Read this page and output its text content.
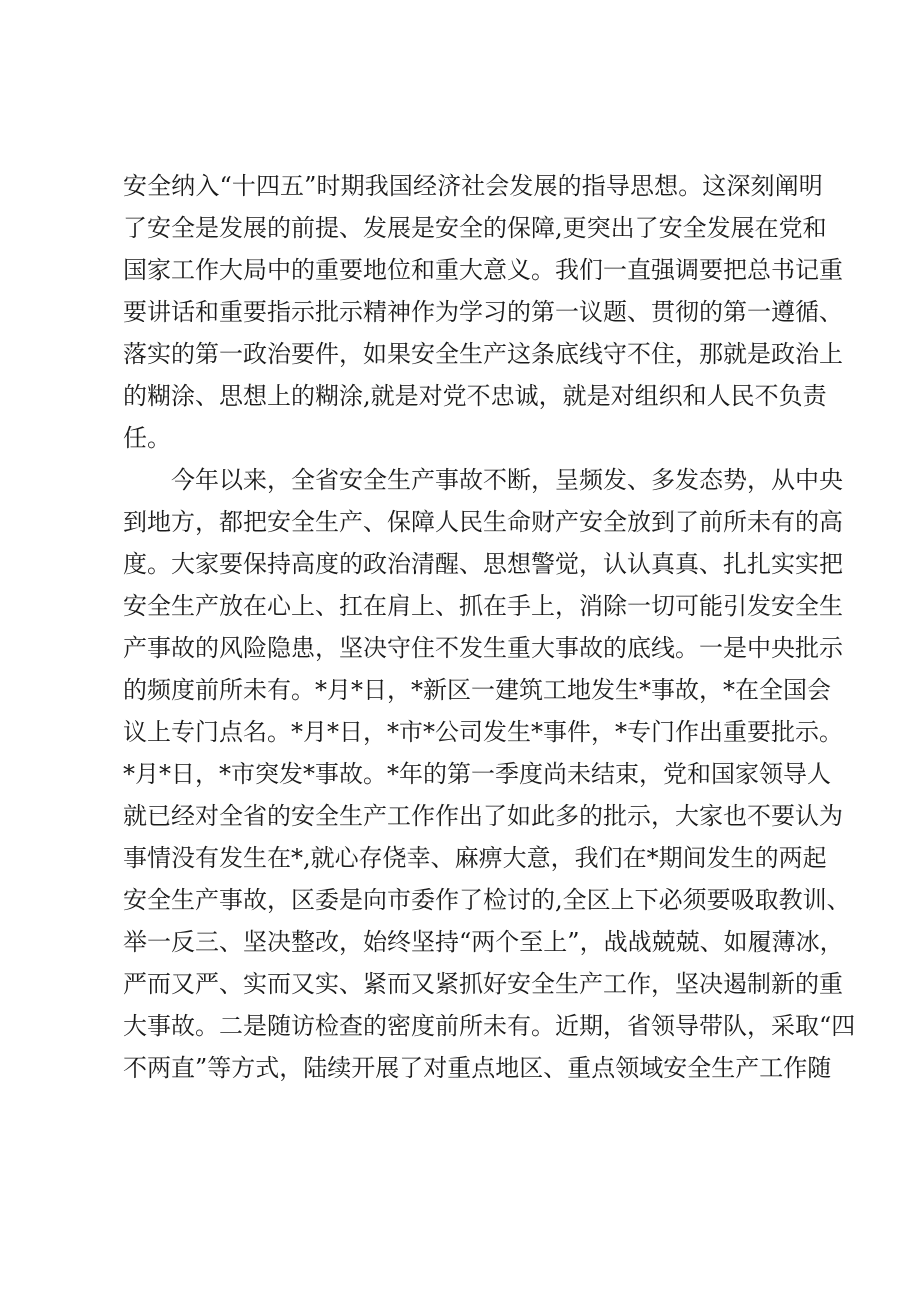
安 全 纳 入 “ 十 四 五 ” 时 期 我 国 经 济 社 会 发 展 的 指 导 思 想 。 这 深 刻 阐 明
了 安 全 是 发 展 的 前 提 、 发 展 是 安 全 的 保 障 , 更 突 出 了 安 全 发 展 在 党 和
国 家 工 作 大 局 中 的 重 要 地 位 和 重 大 意 义 。 我 们 一 直 强 调 要 把 总 书 记 重
要 讲 话 和 重 要 指 示 批 示 精 神 作 为 学 习 的 第 一 议 题 、 贯 彻 的 第 一 遵 循 、
落 实 的 第 一 政 治 要 件 ， 如 果 安 全 生 产 这 条 底 线 守 不 住 ， 那 就 是 政 治 上
的 糊 涂 、 思 想 上 的 糊 涂 , 就 是 对 党 不 忠 诚 ， 就 是 对 组 织 和 人 民 不 负 责
任。
今 年 以 来 ， 全 省 安 全 生 产 事 故 不 断 ， 呈 频 发 、 多 发 态 势 ， 从 中 央
到 地 方 ， 都 把 安 全 生 产 、 保 障 人 民 生 命 财 产 安 全 放 到 了 前 所 未 有 的 高
度 。 大 家 要 保 持 高 度 的 政 治 清 醒 、 思 想 警 觉 ， 认 认 真 真 、 扎 扎 实 实 把
安 全 生 产 放 在 心 上 、 扛 在 肩 上 、 抓 在 手 上 ， 消 除 一 切 可 能 引 发 安 全 生
产 事 故 的 风 险 隐 患 ， 坚 决 守 住 不 发 生 重 大 事 故 的 底 线 。 一 是 中 央 批 示
的 频 度 前 所 未 有 。 * 月 * 日 ， * 新 区 一 建 筑 工 地 发 生 * 事 故 ， * 在 全 国 会
议 上 专 门 点 名 。 * 月 * 日 ， * 市 * 公 司 发 生 * 事 件 ， * 专 门 作 出 重 要 批 示 。
* 月 * 日 ， * 市 突 发 * 事 故 。 * 年 的 第 一 季 度 尚 未 结 束 ， 党 和 国 家 领 导 人
就 已 经 对 全 省 的 安 全 生 产 工 作 作 出 了 如 此 多 的 批 示 ， 大 家 也 不 要 认 为
事 情 没 有 发 生 在 * , 就 心 存 侥 幸 、 麻 痹 大 意 ， 我 们 在 * 期 间 发 生 的 两 起
安 全 生 产 事 故 ， 区 委 是 向 市 委 作 了 检 讨 的 , 全 区 上 下 必 须 要 吸 取 教 训 、
举 一 反 三 、 坚 决 整 改 ， 始 终 坚 持 “ 两 个 至 上 ” ， 战 战 兢 兢 、 如 履 薄 冰 ，
严 而 又 严 、 实 而 又 实 、 紧 而 又 紧 抓 好 安 全 生 产 工 作 ， 坚 决 遏 制 新 的 重
大 事 故 。 二 是 随 访 检 查 的 密 度 前 所 未 有 。 近 期 ， 省 领 导 带 队 ， 采 取 “ 四
不 两 直 ” 等 方 式 ， 陆 续 开 展 了 对 重 点 地 区 、 重 点 领 域 安 全 生 产 工 作 随
